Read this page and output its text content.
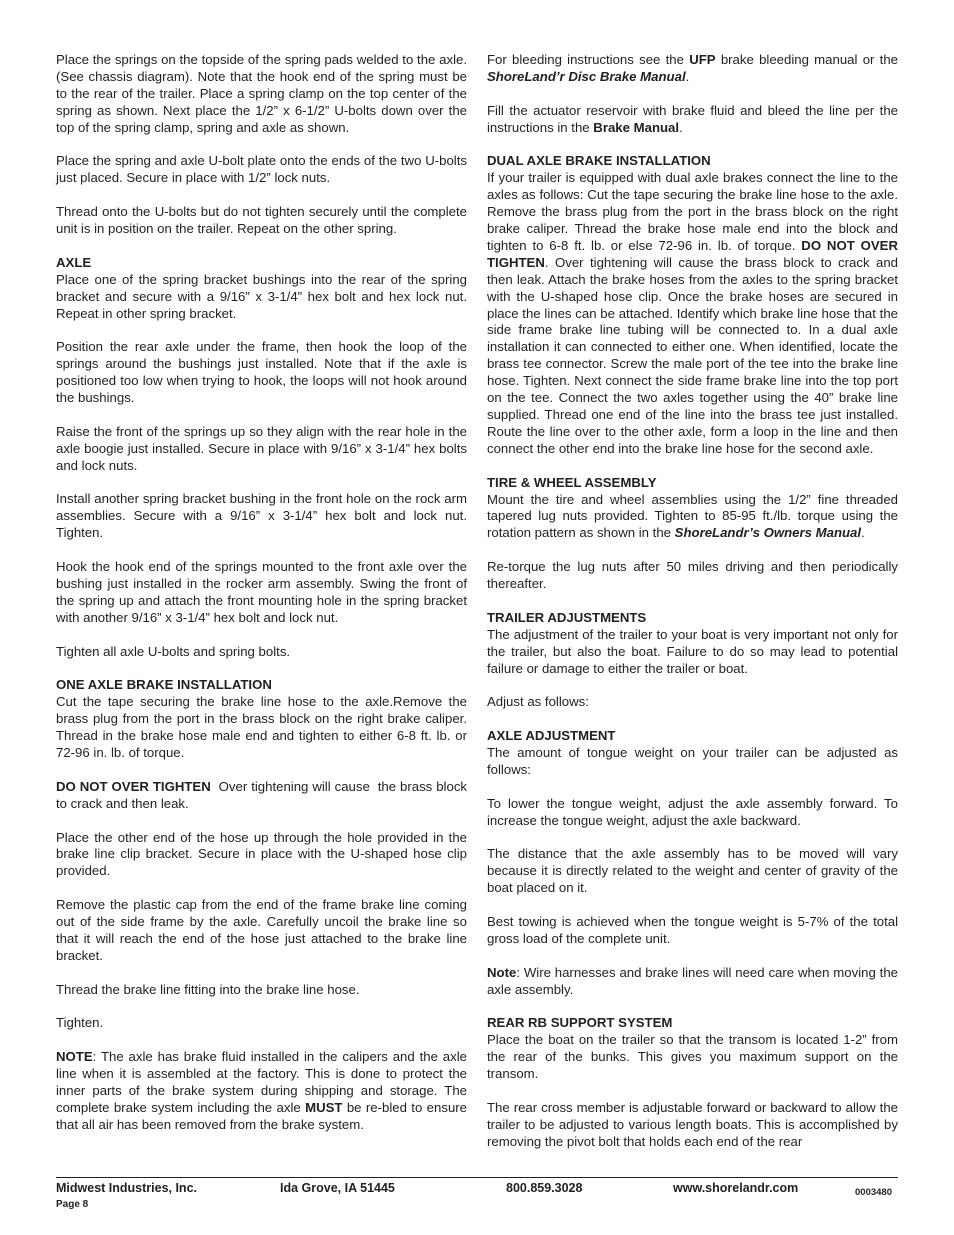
Place the springs on the topside of the spring pads welded to the axle. (See chassis diagram). Note that the hook end of the spring must be to the rear of the trailer. Place a spring clamp on the top center of the spring as shown. Next place the 1/2” x 6-1/2” U-bolts down over the top of the spring clamp, spring and axle as shown.

Place the spring and axle U-bolt plate onto the ends of the two U-bolts just placed. Secure in place with 1/2” lock nuts.

Thread onto the U-bolts but do not tighten securely until the complete unit is in position on the trailer. Repeat on the other spring.

AXLE
Place one of the spring bracket bushings into the rear of the spring bracket and secure with a 9/16” x 3-1/4” hex bolt and hex lock nut. Repeat in other spring bracket.

Position the rear axle under the frame, then hook the loop of the springs around the bushings just installed. Note that if the axle is positioned too low when trying to hook, the loops will not hook around the bushings.

Raise the front of the springs up so they align with the rear hole in the axle boogie just installed. Secure in place with 9/16” x 3-1/4” hex bolts and lock nuts.

Install another spring bracket bushing in the front hole on the rock arm assemblies. Secure with a 9/16” x 3-1/4” hex bolt and lock nut. Tighten.

Hook the hook end of the springs mounted to the front axle over the bushing just installed in the rocker arm assembly. Swing the front of the spring up and attach the front mounting hole in the spring bracket with another 9/16” x 3-1/4” hex bolt and lock nut.

Tighten all axle U-bolts and spring bolts.

ONE AXLE BRAKE INSTALLATION
Cut the tape securing the brake line hose to the axle.Remove the brass plug from the port in the brass block on the right brake caliper. Thread in the brake hose male end and tighten to either 6-8 ft. lb. or 72-96 in. lb. of torque.

DO NOT OVER TIGHTEN  Over tightening will cause  the brass block to crack and then leak.

Place the other end of the hose up through the hole provided in the brake line clip bracket. Secure in place with the U-shaped hose clip provided.

Remove the plastic cap from the end of the frame brake line coming out of the side frame by the axle. Carefully uncoil the brake line so that it will reach the end of the hose just attached to the brake line bracket.

Thread the brake line fitting into the brake line hose.

Tighten.

NOTE: The axle has brake fluid installed in the calipers and the axle line when it is assembled at the factory. This is done to protect the inner parts of the brake system during shipping and storage. The complete brake system including the axle MUST be re-bled to ensure that all air has been removed from the brake system.

For bleeding instructions see the UFP brake bleeding manual or the ShoreLand’r Disc Brake Manual.

Fill the actuator reservoir with brake fluid and bleed the line per the instructions in the Brake Manual.

DUAL AXLE BRAKE INSTALLATION
If your trailer is equipped with dual axle brakes connect the line to the axles as follows: Cut the tape securing the brake line hose to the axle. Remove the brass plug from the port in the brass block on the right brake caliper. Thread the brake hose male end into the block and tighten to 6-8 ft. lb. or else 72-96 in. lb. of torque. DO NOT OVER TIGHTEN. Over tightening will cause the brass block to crack and then leak. Attach the brake hoses from the axles to the spring bracket with the U-shaped hose clip. Once the brake hoses are secured in place the lines can be attached. Identify which brake line hose that the side frame brake line tubing will be connected to. In a dual axle installation it can connected to either one. When identified, locate the brass tee connector. Screw the male port of the tee into the brake line hose. Tighten. Next connect the side frame brake line into the top port on the tee. Connect the two axles together using the 40” brake line supplied. Thread one end of the line into the brass tee just installed. Route the line over to the other axle, form a loop in the line and then connect the other end into the brake line hose for the second axle.
TIRE & WHEEL ASSEMBLY
Mount the tire and wheel assemblies using the 1/2” fine threaded tapered lug nuts provided. Tighten to 85-95 ft./lb. torque using the rotation pattern as shown in the ShoreLandr’s Owners Manual.

Re-torque the lug nuts after 50 miles driving and then periodically thereafter.

TRAILER ADJUSTMENTS
The adjustment of the trailer to your boat is very important not only for the trailer, but also the boat. Failure to do so may lead to potential failure or damage to either the trailer or boat.

Adjust as follows:

AXLE ADJUSTMENT
The amount of tongue weight on your trailer can be adjusted as follows:

To lower the tongue weight, adjust the axle assembly forward. To increase the tongue weight, adjust the axle backward.

The distance that the axle assembly has to be moved will vary because it is directly related to the weight and center of gravity of the boat placed on it.

Best towing is achieved when the tongue weight is 5-7% of the total gross load of the complete unit.

Note: Wire harnesses and brake lines will need care when moving the axle assembly.

REAR RB SUPPORT SYSTEM
Place the boat on the trailer so that the transom is located 1-2” from the rear of the bunks. This gives you maximum support on the transom.

The rear cross member is adjustable forward or backward to allow the trailer to be adjusted to various length boats. This is accomplished by removing the pivot bolt that holds each end of the rear

Midwest Industries, Inc.	Ida Grove, IA 51445	800.859.3028	www.shorelandr.com	0003480
Page 8
